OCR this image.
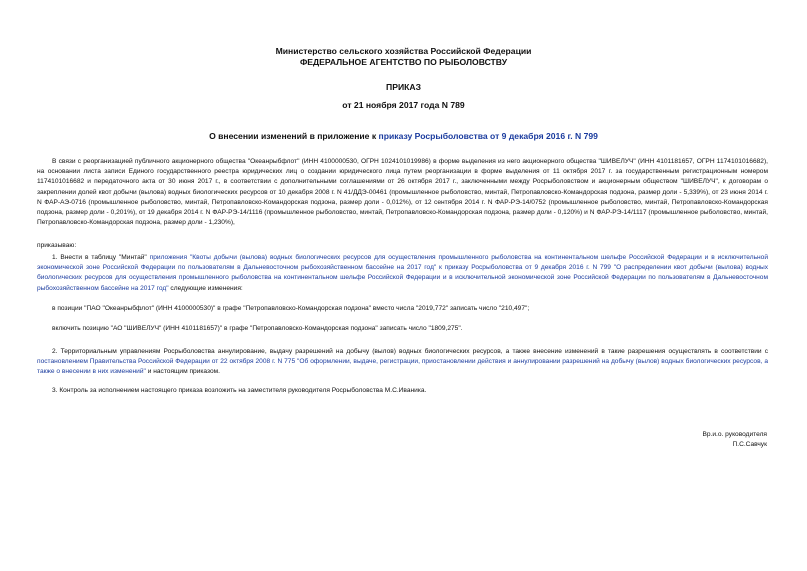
Министерство сельского хозяйства Российской Федерации
ФЕДЕРАЛЬНОЕ АГЕНТСТВО ПО РЫБОЛОВСТВУ
ПРИКАЗ
от 21 ноября 2017 года N 789
О внесении изменений в приложение к приказу Росрыболовства от 9 декабря 2016 г. N 799

В связи с реорганизацией публичного акционерного общества "Океанрыбфлот" (ИНН 4100000530, ОГРН 1024101019986) в форме выделения из него акционерного общества "ШИВЕЛУЧ" (ИНН 4101181657, ОГРН 1174101016682), на основании листа записи Единого государственного реестра юридических лиц о создании юридического лица путем реорганизации в форме выделения от 11 октября 2017 г. за государственным регистрационным номером 1174101016682 и передаточного акта от 30 июня 2017 г., в соответствии с дополнительными соглашениями от 26 октября 2017 г., заключенными между Росрыболовством и акционерным обществом "ШИВЕЛУЧ", к договорам о закреплении долей квот добычи (вылова) водных биологических ресурсов от 10 декабря 2008 г. N 41/ДДЭ-00461 (промышленное рыболовство, минтай, Петропавловско-Командорская подзона, размер доли - 5,339%), от 23 июня 2014 г. N ФАР-АЭ-0716 (промышленное рыболовство, минтай, Петропавловско-Командорская подзона, размер доли - 0,012%), от 12 сентября 2014 г. N ФАР-РЭ-14/0752 (промышленное рыболовство, минтай, Петропавловско-Командорская подзона, размер доли - 0,201%), от 19 декабря 2014 г. N ФАР-РЭ-14/1116 (промышленное рыболовство, минтай, Петропавловско-Командорская подзона, размер доли - 0,120%) и N ФАР-РЭ-14/1117 (промышленное рыболовство, минтай, Петропавловско-Командорская подзона, размер доли - 1,230%),

приказываю:

1. Внести в таблицу "Минтай" приложения "Квоты добычи (вылова) водных биологических ресурсов для осуществления промышленного рыболовства на континентальном шельфе Российской Федерации и в исключительной экономической зоне Российской Федерации по пользователям в Дальневосточном рыбохозяйственном бассейне на 2017 год" к приказу Росрыболовства от 9 декабря 2016 г. N 799 "О распределении квот добычи (вылова) водных биологических ресурсов для осуществления промышленного рыболовства на континентальном шельфе Российской Федерации и в исключительной экономической зоне Российской Федерации по пользователям в Дальневосточном рыбохозяйственном бассейне на 2017 год" следующие изменения:

в позиции "ПАО "Океанрыбфлот" (ИНН 4100000530)" в графе "Петропавловско-Командорская подзона" вместо числа "2019,772" записать число "210,497";

включить позицию "АО "ШИВЕЛУЧ" (ИНН 4101181657)" в графе "Петропавловско-Командорская подзона" записать число "1809,275".

2. Территориальным управлениям Росрыболовства аннулирование, выдачу разрешений на добычу (вылов) водных биологических ресурсов, а также внесение изменений в такие разрешения осуществлять в соответствии с постановлением Правительства Российской Федерации от 22 октября 2008 г. N 775 "Об оформлении, выдаче, регистрации, приостановлении действия и аннулировании разрешений на добычу (вылов) водных биологических ресурсов, а также о внесении в них изменений" и настоящим приказом.

3. Контроль за исполнением настоящего приказа возложить на заместителя руководителя Росрыболовства М.С.Иваника.

Вр.и.о. руководителя
П.С.Савчук
